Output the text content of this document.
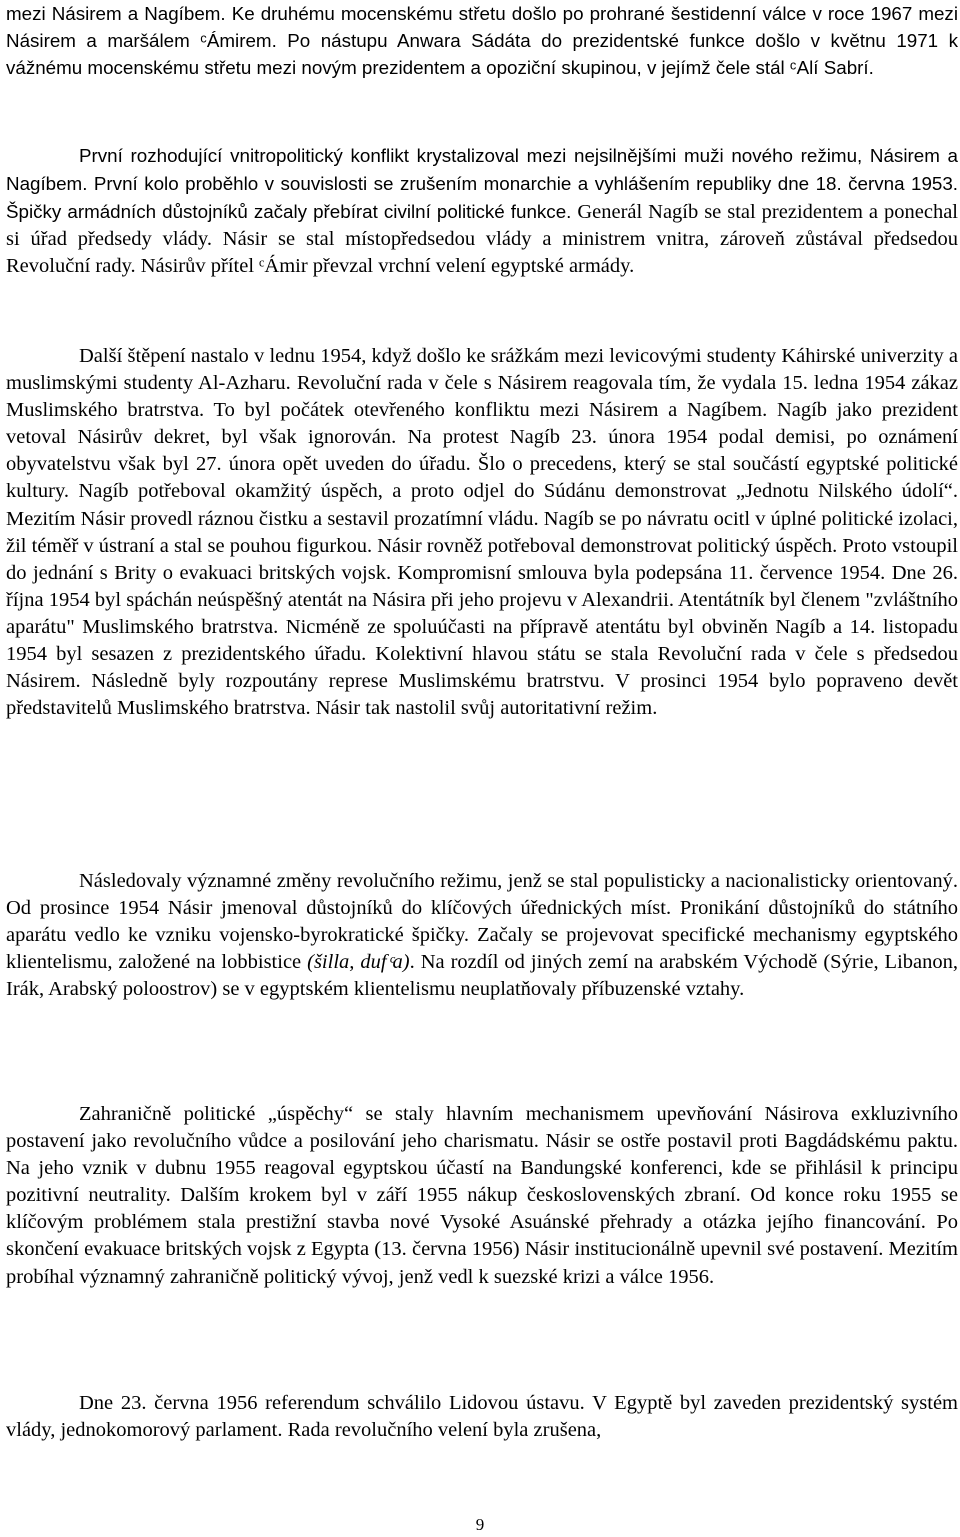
mezi Násirem a Nagíbem. Ke druhému mocenskému střetu došlo po prohrané šestidenní válce v roce 1967 mezi Násirem a maršálem ᶜÁmirem. Po nástupu Anwara Sádáta do prezidentské funkce došlo v květnu 1971 k vážnému mocenskému střetu mezi novým prezidentem a opoziční skupinou, v jejímž čele stál ᶜAlí Sabrí.

První rozhodující vnitropolitický konflikt krystalizoval mezi nejsilnějšími muži nového režimu, Násirem a Nagíbem. První kolo proběhlo v souvislosti se zrušením monarchie a vyhlášením republiky dne 18. června 1953. Špičky armádních důstojníků začaly přebírat civilní politické funkce. Generál Nagíb se stal prezidentem a ponechal si úřad předsedy vlády. Násir se stal místopředsedou vlády a ministrem vnitra, zároveň zůstával předsedou Revoluční rady. Násirův přítel ᶜÁmir převzal vrchní velení egyptské armády.

Další štěpení nastalo v lednu 1954, když došlo ke srážkám mezi levicovými studenty Káhirské univerzity a muslimskými studenty Al-Azharu. Revoluční rada v čele s Násirem reagovala tím, že vydala 15. ledna 1954 zákaz Muslimského bratrstva. To byl počátek otevřeného konfliktu mezi Násirem a Nagíbem. Nagíb jako prezident vetoval Násirův dekret, byl však ignorován. Na protest Nagíb 23. února 1954 podal demisi, po oznámení obyvatelstvu však byl 27. února opět uveden do úřadu. Šlo o precedens, který se stal součástí egyptské politické kultury. Nagíb potřeboval okamžitý úspěch, a proto odjel do Súdánu demonstrovat „Jednotu Nilského údolí“. Mezitím Násir provedl ráznou čistku a sestavil prozatímní vládu. Nagíb se po návratu ocitl v úplné politické izolaci, žil téměř v ústraní a stal se pouhou figurkou. Násir rovněž potřeboval demonstrovat politický úspěch. Proto vstoupil do jednání s Brity o evakuaci britských vojsk. Kompromisní smlouva byla podepsána 11. července 1954. Dne 26. října 1954 byl spáchán neúspěšný atentát na Násira při jeho projevu v Alexandrii. Atentátník byl členem "zvláštního aparátu" Muslimského bratrstva. Nicméně ze spoluúčasti na přípravě atentátu byl obviněn Nagíb a 14. listopadu 1954 byl sesazen z prezidentského úřadu. Kolektivní hlavou státu se stala Revoluční rada v čele s předsedou Násirem. Následně byly rozpoutány represe Muslimskému bratrstvu. V prosinci 1954 bylo popraveno devět představitelů Muslimského bratrstva. Násir tak nastolil svůj autoritativní režim.

Následovaly významné změny revolučního režimu, jenž se stal populisticky a nacionalisticky orientovaný. Od prosince 1954 Násir jmenoval důstojníků do klíčových úřednických míst. Pronikání důstojníků do státního aparátu vedlo ke vzniku vojensko-byrokratické špičky. Začaly se projevovat specifické mechanismy egyptského klientelismu, založené na lobbistice (šilla, duf ͨa). Na rozdíl od jiných zemí na arabském Východě (Sýrie, Libanon, Irák, Arabský poloostrov) se v egyptském klientelismu neuplatňovaly příbuzenské vztahy.

Zahraničně politické „úspěchy“ se staly hlavním mechanismem upevňování Násirova exkluzivního postavení jako revolučního vůdce a posilování jeho charismatu. Násir se ostře postavil proti Bagdádskému paktu. Na jeho vznik v dubnu 1955 reagoval egyptskou účastí na Bandungské konferenci, kde se přihlásil k principu pozitivní neutrality. Dalším krokem byl v září 1955 nákup československých zbraní. Od konce roku 1955 se klíčovým problémem stala prestižní stavba nové Vysoké Asuánské přehrady a otázka jejího financování. Po skončení evakuace britských vojsk z Egypta (13. června 1956) Násir institucionálně upevnil své postavení. Mezitím probíhal významný zahraničně politický vývoj, jenž vedl k suezské krizi a válce 1956.

Dne 23. června 1956 referendum schválilo Lidovou ústavu. V Egyptě byl zaveden prezidentský systém vlády, jednokomorový parlament. Rada revolučního velení byla zrušena,

9
